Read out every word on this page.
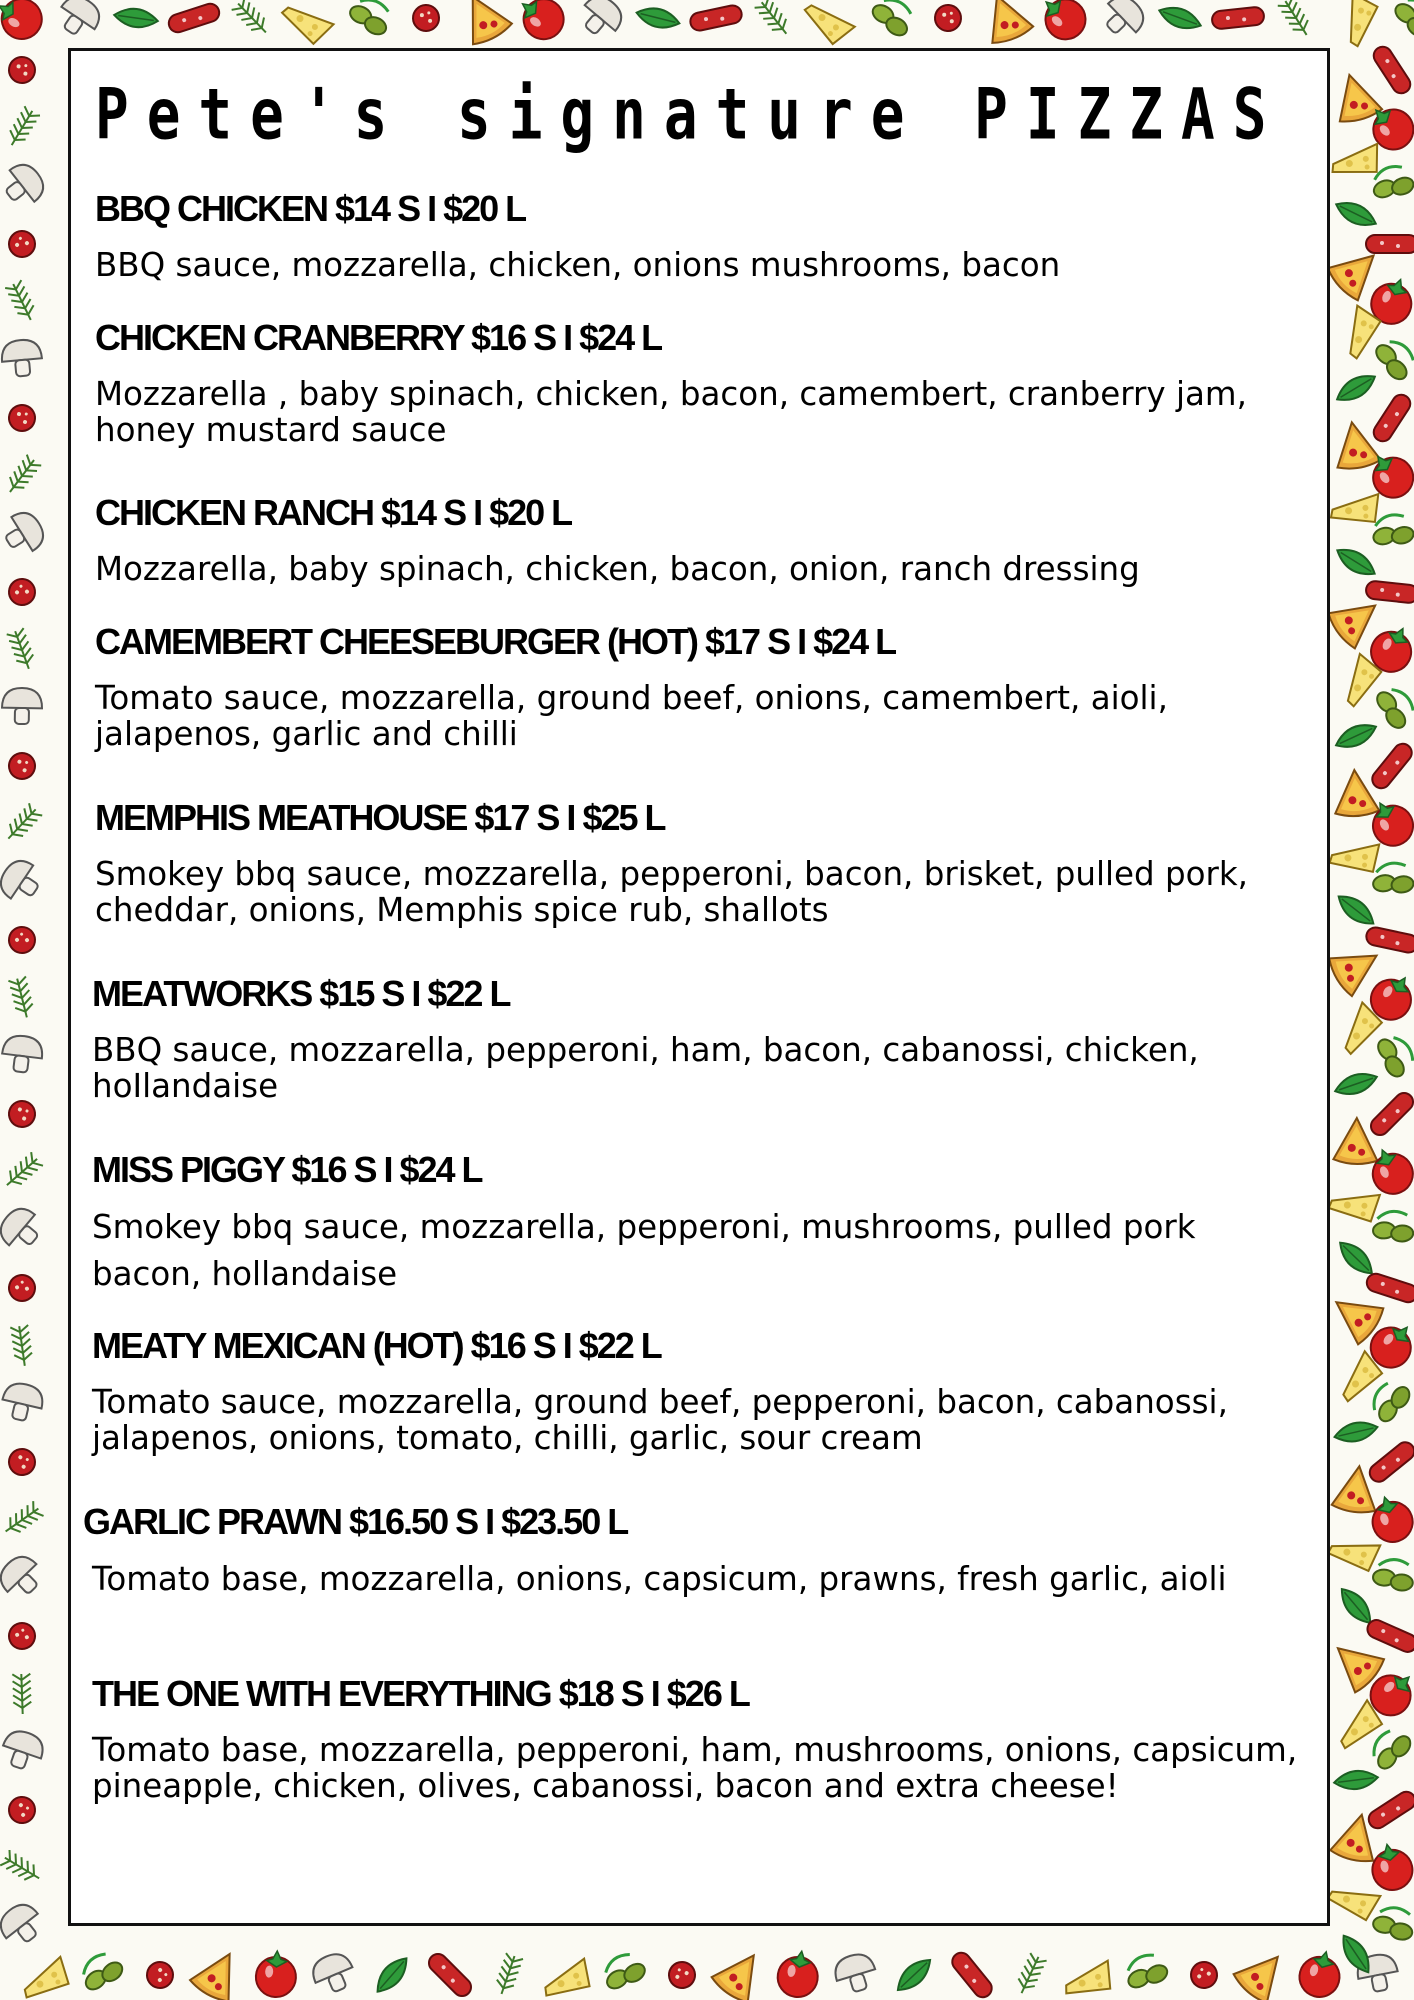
Pete's signature PIZZAS
BBQ CHICKEN $14 S I $20 L
BBQ sauce, mozzarella, chicken, onions mushrooms, bacon
CHICKEN CRANBERRY $16 S I $24 L
Mozzarella , baby spinach, chicken, bacon, camembert, cranberry jam, honey mustard sauce
CHICKEN RANCH $14 S I $20 L
Mozzarella, baby spinach, chicken, bacon, onion, ranch dressing
CAMEMBERT CHEESEBURGER (HOT) $17 S I $24 L
Tomato sauce, mozzarella, ground beef, onions, camembert, aioli, jalapenos, garlic and chilli
MEMPHIS MEATHOUSE $17 S I $25 L
Smokey bbq sauce, mozzarella, pepperoni, bacon, brisket, pulled pork, cheddar, onions, Memphis spice rub, shallots
MEATWORKS $15 S I $22 L
BBQ sauce, mozzarella, pepperoni, ham, bacon, cabanossi, chicken, hoIlandaise
MISS PIGGY $16 S I $24 L
Smokey bbq sauce, mozzarella, pepperoni, mushrooms, pulled pork bacon, hollandaise
MEATY MEXICAN (HOT) $16 S I $22 L
Tomato sauce, mozzarella, ground beef, pepperoni, bacon, cabanossi, jalapenos, onions, tomato, chilli, garlic, sour cream
GARLIC PRAWN $16.50 S I $23.50 L
Tomato base, mozzarella, onions, capsicum, prawns, fresh garlic, aioli
THE ONE WITH EVERYTHING $18 S I $26 L
Tomato base, mozzarella, pepperoni, ham, mushrooms, onions, capsicum, pineapple, chicken, olives, cabanossi, bacon and extra cheese!
